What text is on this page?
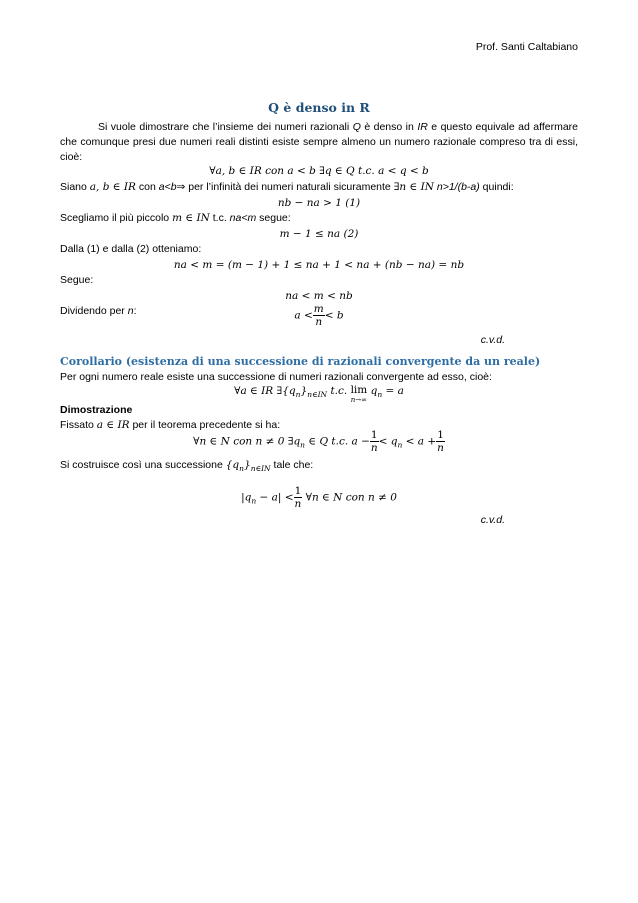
Prof. Santi Caltabiano
Q è denso in R
Si vuole dimostrare che l’insieme dei numeri razionali Q è denso in IR e questo equivale ad affermare che comunque presi due numeri reali distinti esiste sempre almeno un numero razionale compreso tra di essi, cioè:
∀a, b ∈ IR con a < b ∃q ∈ Q t.c. a < q < b
Siano a, b ∈ IR con a<b⇒ per l’infinità dei numeri naturali sicuramente ∃n ∈ IN n>1/(b-a) quindi:
nb − na > 1 (1)
Scegliamo il più piccolo m ∈ IN t.c. na<m segue:
m − 1 ≤ na (2)
Dalla (1) e dalla (2) otteniamo:
na < m = (m − 1) + 1 ≤ na + 1 < na + (nb − na) = nb
Segue:
na < m < nb
Dividendo per n:	$a < \frac{m}{n} < b$
c.v.d.
Corollario (esistenza di una successione di razionali convergente da un reale)
Per ogni numero reale esiste una successione di numeri razionali convergente ad esso, cioè:
∀a ∈ IR $\exists\{q_n\}_{n\in IN}$ t.c. lim
n→∞
$q_n = a$
Dimostrazione
Fissato a ∈ IR per il teorema precedente si ha:
∀n ∈ N con n ≠ 0 $\exists q_n$ ∈ Q t.c. $a - \frac{1}{n} < q_n < a + \frac{1}{n}$
Si costruisce così una successione $\{q_n\}_{n\in IN}$ tale che:
$|q_n - a| < \frac{1}{n}$ ∀n ∈ N con n ≠ 0
c.v.d.
